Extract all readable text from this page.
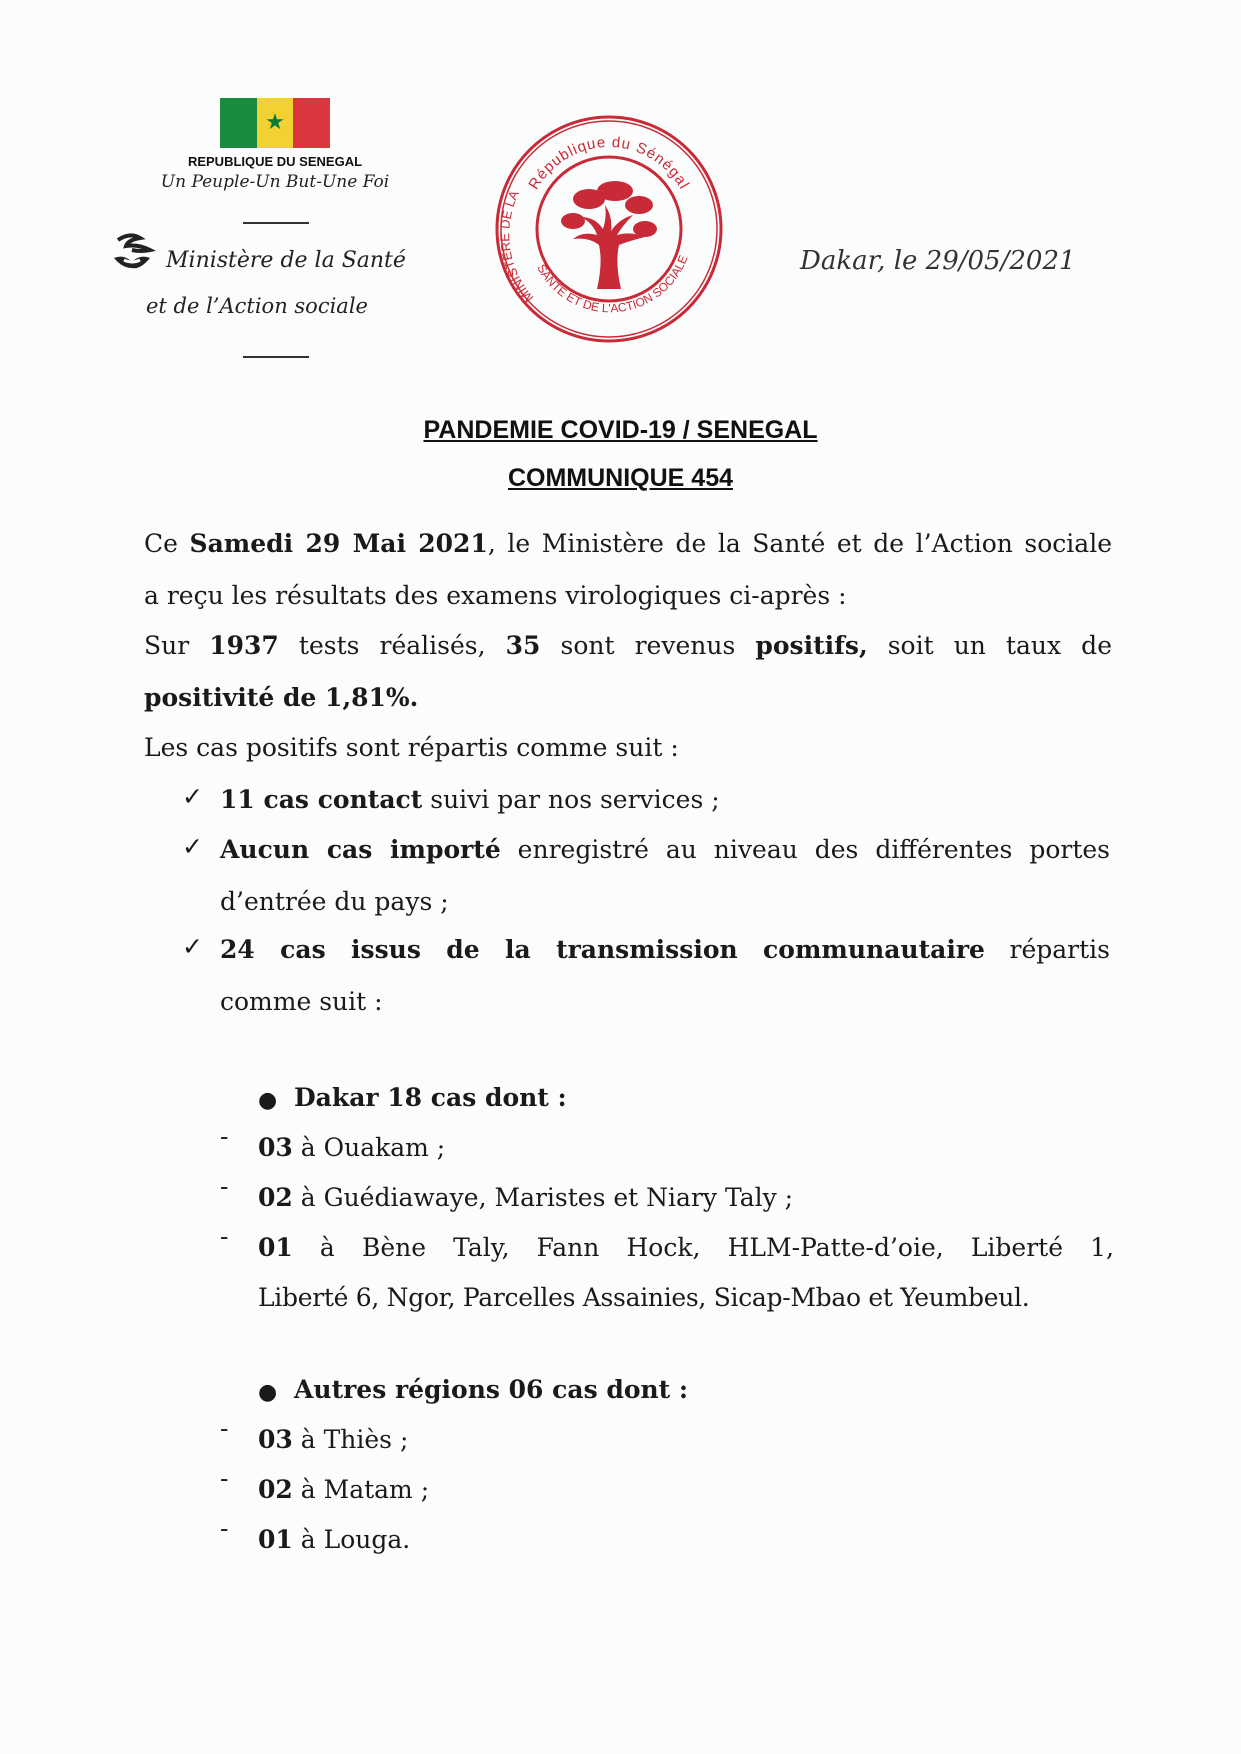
★
REPUBLIQUE DU SENEGAL
Un Peuple-Un But-Une Foi
Ministère de la Santé
et de l’Action sociale
République du Sénégal
MINISTERE DE LA
SANTE ET DE L'ACTION SOCIALE	Dakar, le 29/05/2021
PANDEMIE COVID-19 / SENEGAL
COMMUNIQUE 454
Ce Samedi 29 Mai 2021, le Ministère de la Santé et de l’Action sociale
a reçu les résultats des examens virologiques ci-après :
Sur 1937 tests réalisés, 35 sont revenus positifs, soit un taux de
positivité de 1,81%.
Les cas positifs sont répartis comme suit :
✓ 11 cas contact suivi par nos services ;
✓ Aucun cas importé enregistré au niveau des différentes portes
d’entrée du pays ;
✓ 24 cas issus de la transmission communautaire répartis
comme suit :
● Dakar 18 cas dont :
- 03 à Ouakam ;
- 02 à Guédiawaye, Maristes et Niary Taly ;
- 01 à Bène Taly, Fann Hock, HLM-Patte-d’oie, Liberté 1,
Liberté 6, Ngor, Parcelles Assainies, Sicap-Mbao et Yeumbeul.
● Autres régions 06 cas dont :
- 03 à Thiès ;
- 02 à Matam ;
- 01 à Louga.
